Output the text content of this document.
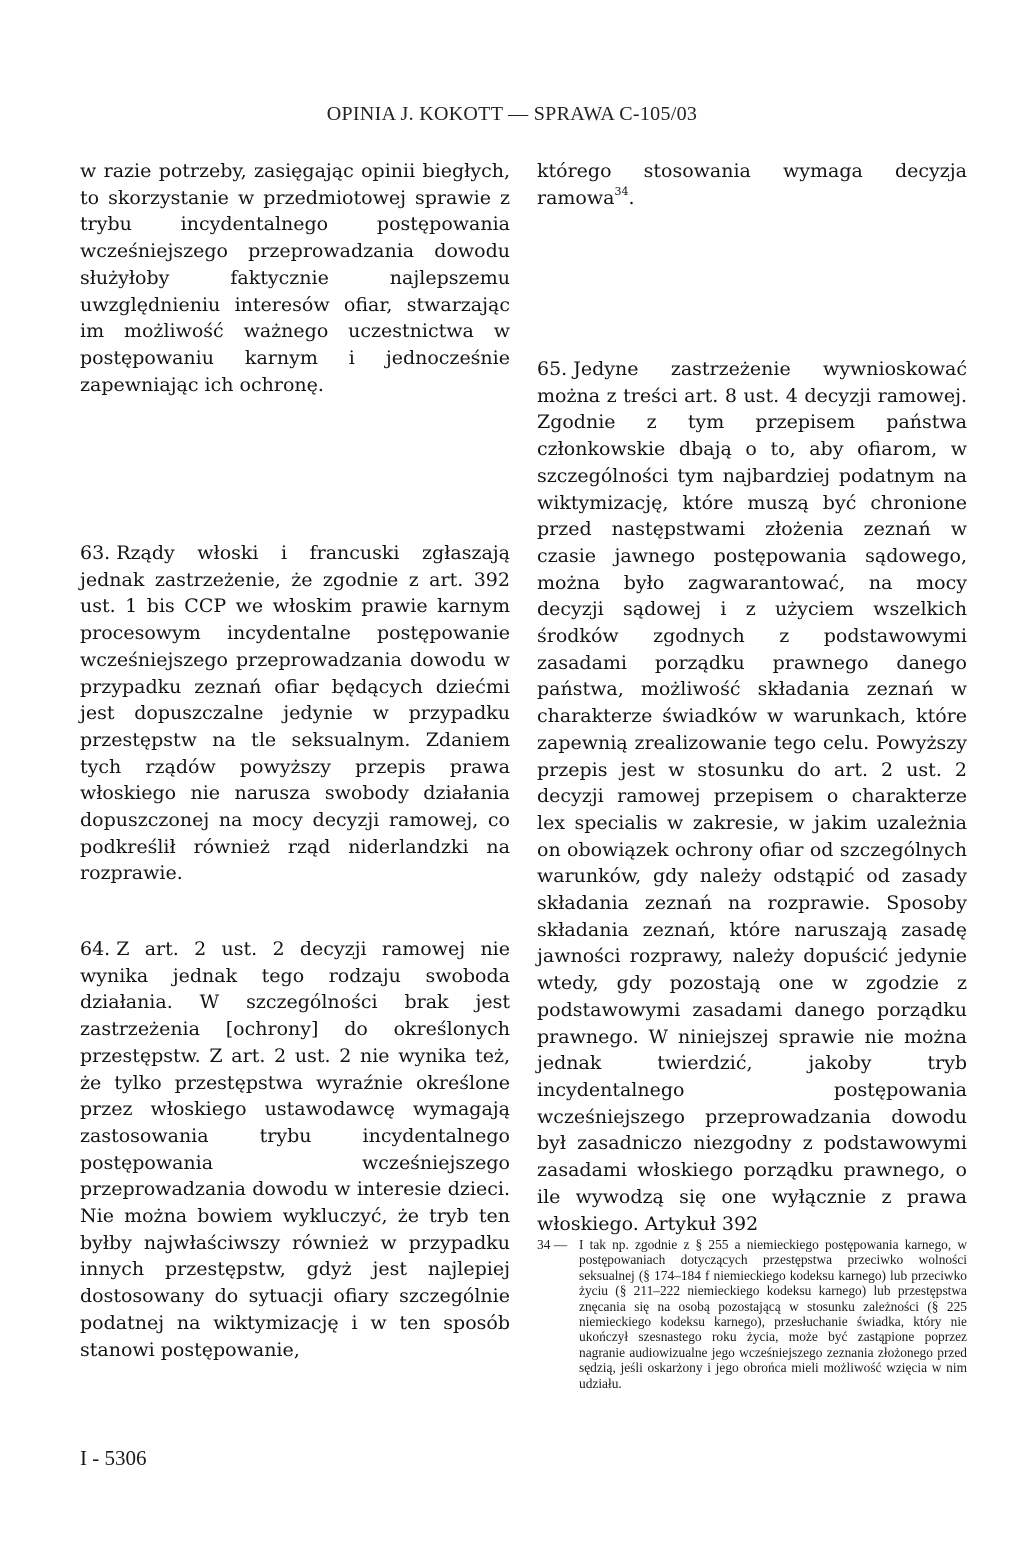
OPINIA J. KOKOTT — SPRAWA C-105/03

w razie potrzeby, zasięgając opinii biegłych, to skorzystanie w przedmiotowej sprawie z trybu incydentalnego postępowania wcześniejszego przeprowadzania dowodu służyłoby faktycznie najlepszemu uwzględnieniu interesów ofiar, stwarzając im możliwość ważnego uczestnictwa w postępowaniu karnym i jednocześnie zapewniając ich ochronę.

63. Rządy włoski i francuski zgłaszają jednak zastrzeżenie, że zgodnie z art. 392 ust. 1 bis CCP we włoskim prawie karnym procesowym incydentalne postępowanie wcześniejszego przeprowadzania dowodu w przypadku zeznań ofiar będących dziećmi jest dopuszczalne jedynie w przypadku przestępstw na tle seksualnym. Zdaniem tych rządów powyższy przepis prawa włoskiego nie narusza swobody działania dopuszczonej na mocy decyzji ramowej, co podkreślił również rząd niderlandzki na rozprawie.

64. Z art. 2 ust. 2 decyzji ramowej nie wynika jednak tego rodzaju swoboda działania. W szczególności brak jest zastrzeżenia [ochrony] do określonych przestępstw. Z art. 2 ust. 2 nie wynika też, że tylko przestępstwa wyraźnie określone przez włoskiego ustawodawcę wymagają zastosowania trybu incydentalnego postępowania wcześniejszego przeprowadzania dowodu w interesie dzieci. Nie można bowiem wykluczyć, że tryb ten byłby najwłaściwszy również w przypadku innych przestępstw, gdyż jest najlepiej dostosowany do sytuacji ofiary szczególnie podatnej na wiktymizację i w ten sposób stanowi postępowanie,

którego stosowania wymaga decyzja ramowa$^{34}$.

65. Jedyne zastrzeżenie wywnioskować można z treści art. 8 ust. 4 decyzji ramowej. Zgodnie z tym przepisem państwa członkowskie dbają o to, aby ofiarom, w szczególności tym najbardziej podatnym na wiktymizację, które muszą być chronione przed następstwami złożenia zeznań w czasie jawnego postępowania sądowego, można było zagwarantować, na mocy decyzji sądowej i z użyciem wszelkich środków zgodnych z podstawowymi zasadami porządku prawnego danego państwa, możliwość składania zeznań w charakterze świadków w warunkach, które zapewnią zrealizowanie tego celu. Powyższy przepis jest w stosunku do art. 2 ust. 2 decyzji ramowej przepisem o charakterze lex specialis w zakresie, w jakim uzależnia on obowiązek ochrony ofiar od szczególnych warunków, gdy należy odstąpić od zasady składania zeznań na rozprawie. Sposoby składania zeznań, które naruszają zasadę jawności rozprawy, należy dopuścić jedynie wtedy, gdy pozostają one w zgodzie z podstawowymi zasadami danego porządku prawnego. W niniejszej sprawie nie można jednak twierdzić, jakoby tryb incydentalnego postępowania wcześniejszego przeprowadzania dowodu był zasadniczo niezgodny z podstawowymi zasadami włoskiego porządku prawnego, o ile wywodzą się one wyłącznie z prawa włoskiego. Artykuł 392

34 — I tak np. zgodnie z § 255 a niemieckiego postępowania karnego, w postępowaniach dotyczących przestępstwa przeciwko wolności seksualnej (§ 174–184 f niemieckiego kodeksu karnego) lub przeciwko życiu (§ 211–222 niemieckiego kodeksu karnego) lub przestępstwa znęcania się na osobą pozostającą w stosunku zależności (§ 225 niemieckiego kodeksu karnego), przesłuchanie świadka, który nie ukończył szesnastego roku życia, może być zastąpione poprzez nagranie audiowizualne jego wcześniejszego zeznania złożonego przed sędzią, jeśli oskarżony i jego obrońca mieli możliwość wzięcia w nim udziału.
I - 5306
